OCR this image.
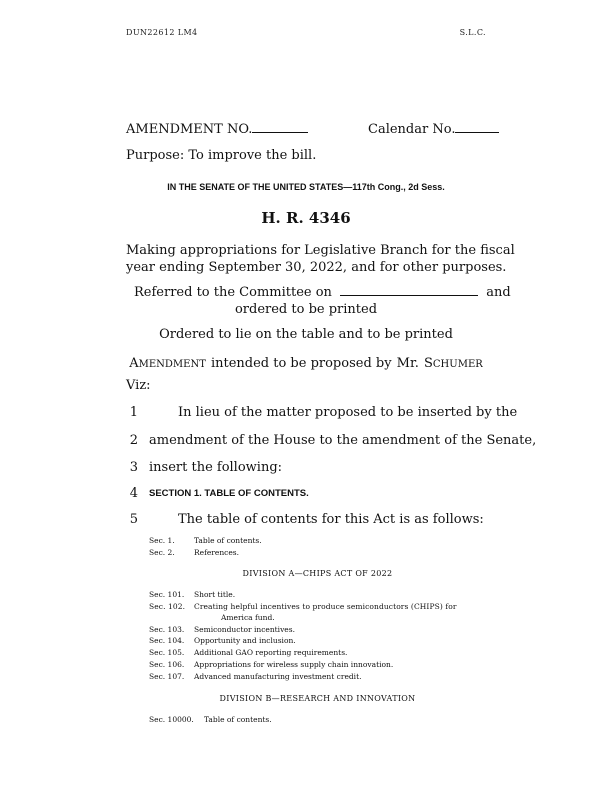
DUN22612 LM4	S.L.C.
AMENDMENT NO.	Calendar No.
Purpose: To improve the bill.
IN THE SENATE OF THE UNITED STATES—117th Cong., 2d Sess.
H. R. 4346
Making appropriations for Legislative Branch for the fiscal
year ending September 30, 2022, and for other purposes.
Referred to the Committee on	and
ordered to be printed
Ordered to lie on the table and to be printed
AMENDMENT intended to be proposed by Mr. SCHUMER
Viz:
1	In lieu of the matter proposed to be inserted by the
2 amendment of the House to the amendment of the Senate,
3 insert the following:
4 SECTION 1. TABLE OF CONTENTS.
5	The table of contents for this Act is as follows:
Sec. 1.	Table of contents.
Sec. 2.	References.
DIVISION A—CHIPS ACT OF 2022
Sec. 101. Short title.
Sec. 102. Creating helpful incentives to produce semiconductors (CHIPS) for
America fund.
Sec. 103. Semiconductor incentives.
Sec. 104. Opportunity and inclusion.
Sec. 105. Additional GAO reporting requirements.
Sec. 106. Appropriations for wireless supply chain innovation.
Sec. 107. Advanced manufacturing investment credit.
DIVISION B—RESEARCH AND INNOVATION
Sec. 10000. Table of contents.
